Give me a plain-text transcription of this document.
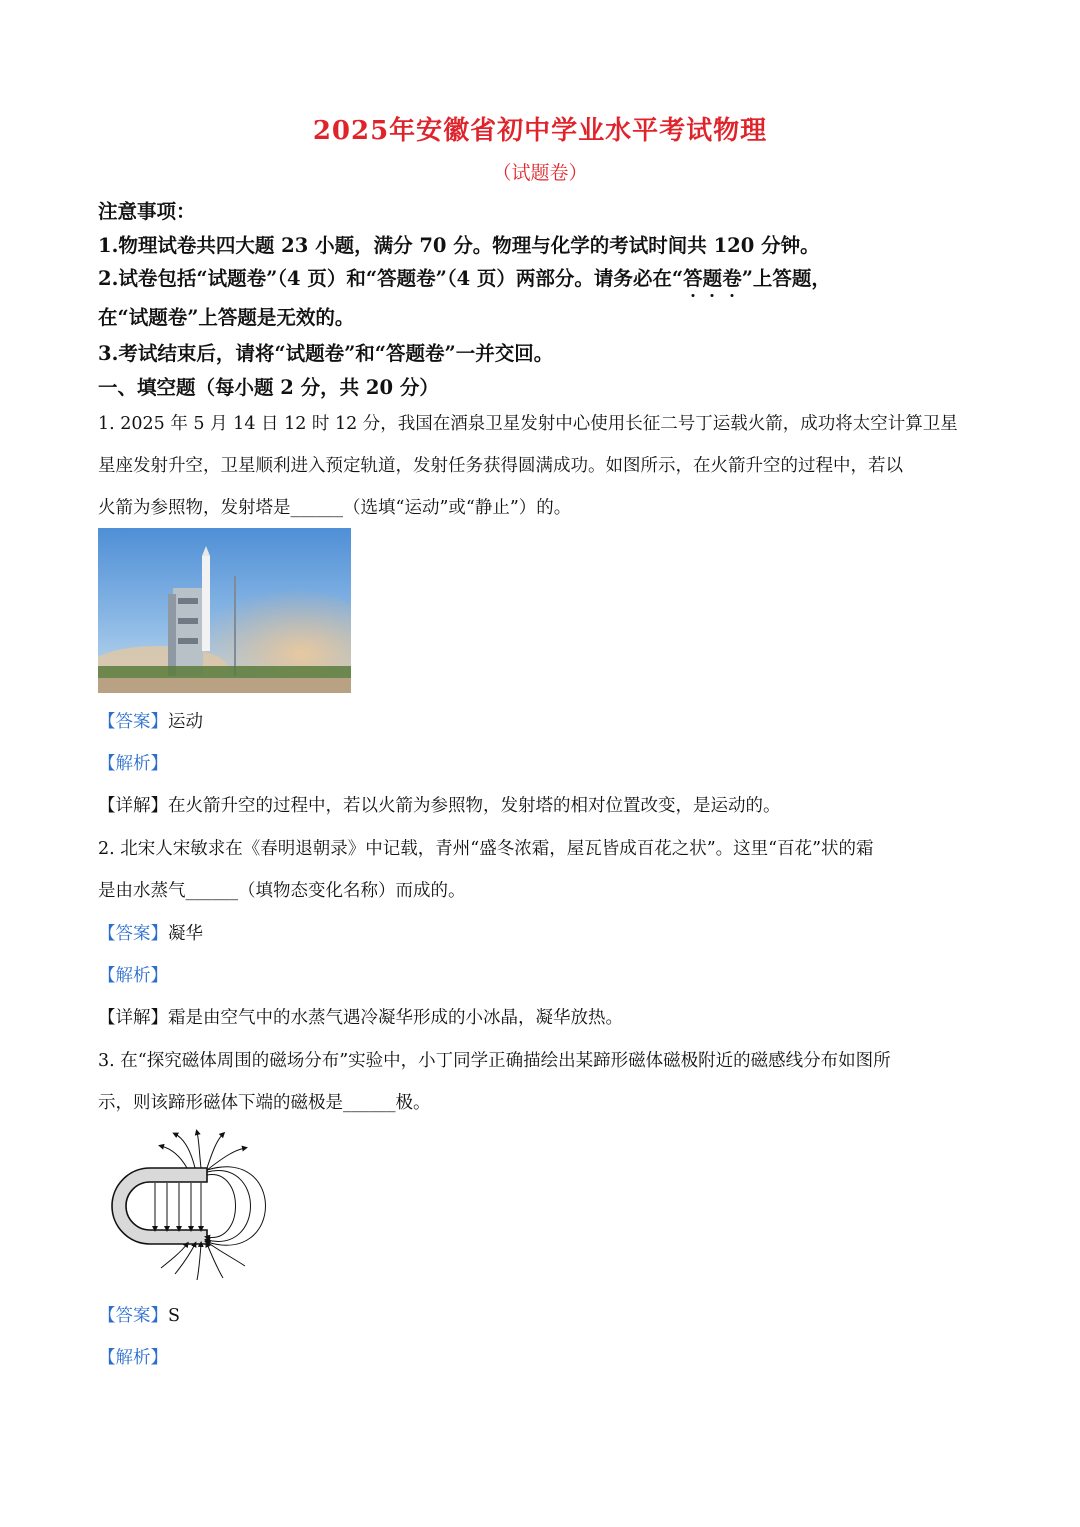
2025年安徽省初中学业水平考试物理
（试题卷）
注意事项：
1.物理试卷共四大题 23 小题，满分 70 分。物理与化学的考试时间共 120 分钟。
2.试卷包括“试题卷”（4 页）和“答题卷”（4 页）两部分。请务必在“答题卷”上答题，
在“试题卷”上答题是无效的。
3.考试结束后，请将“试题卷”和“答题卷”一并交回。
一、填空题（每小题 2 分，共 20 分）
1. 2025 年 5 月 14 日 12 时 12 分，我国在酒泉卫星发射中心使用长征二号丁运载火箭，成功将太空计算卫星
星座发射升空，卫星顺利进入预定轨道，发射任务获得圆满成功。如图所示，在火箭升空的过程中，若以
火箭为参照物，发射塔是______（选填“运动”或“静止”）的。
【答案】运动
【解析】
【详解】在火箭升空的过程中，若以火箭为参照物，发射塔的相对位置改变，是运动的。
2. 北宋人宋敏求在《春明退朝录》中记载，青州“盛冬浓霜，屋瓦皆成百花之状”。这里“百花”状的霜
是由水蒸气______（填物态变化名称）而成的。
【答案】凝华
【解析】
【详解】霜是由空气中的水蒸气遇冷凝华形成的小冰晶，凝华放热。
3. 在“探究磁体周围的磁场分布”实验中，小丁同学正确描绘出某蹄形磁体磁极附近的磁感线分布如图所
示，则该蹄形磁体下端的磁极是______极。
【答案】S
【解析】
